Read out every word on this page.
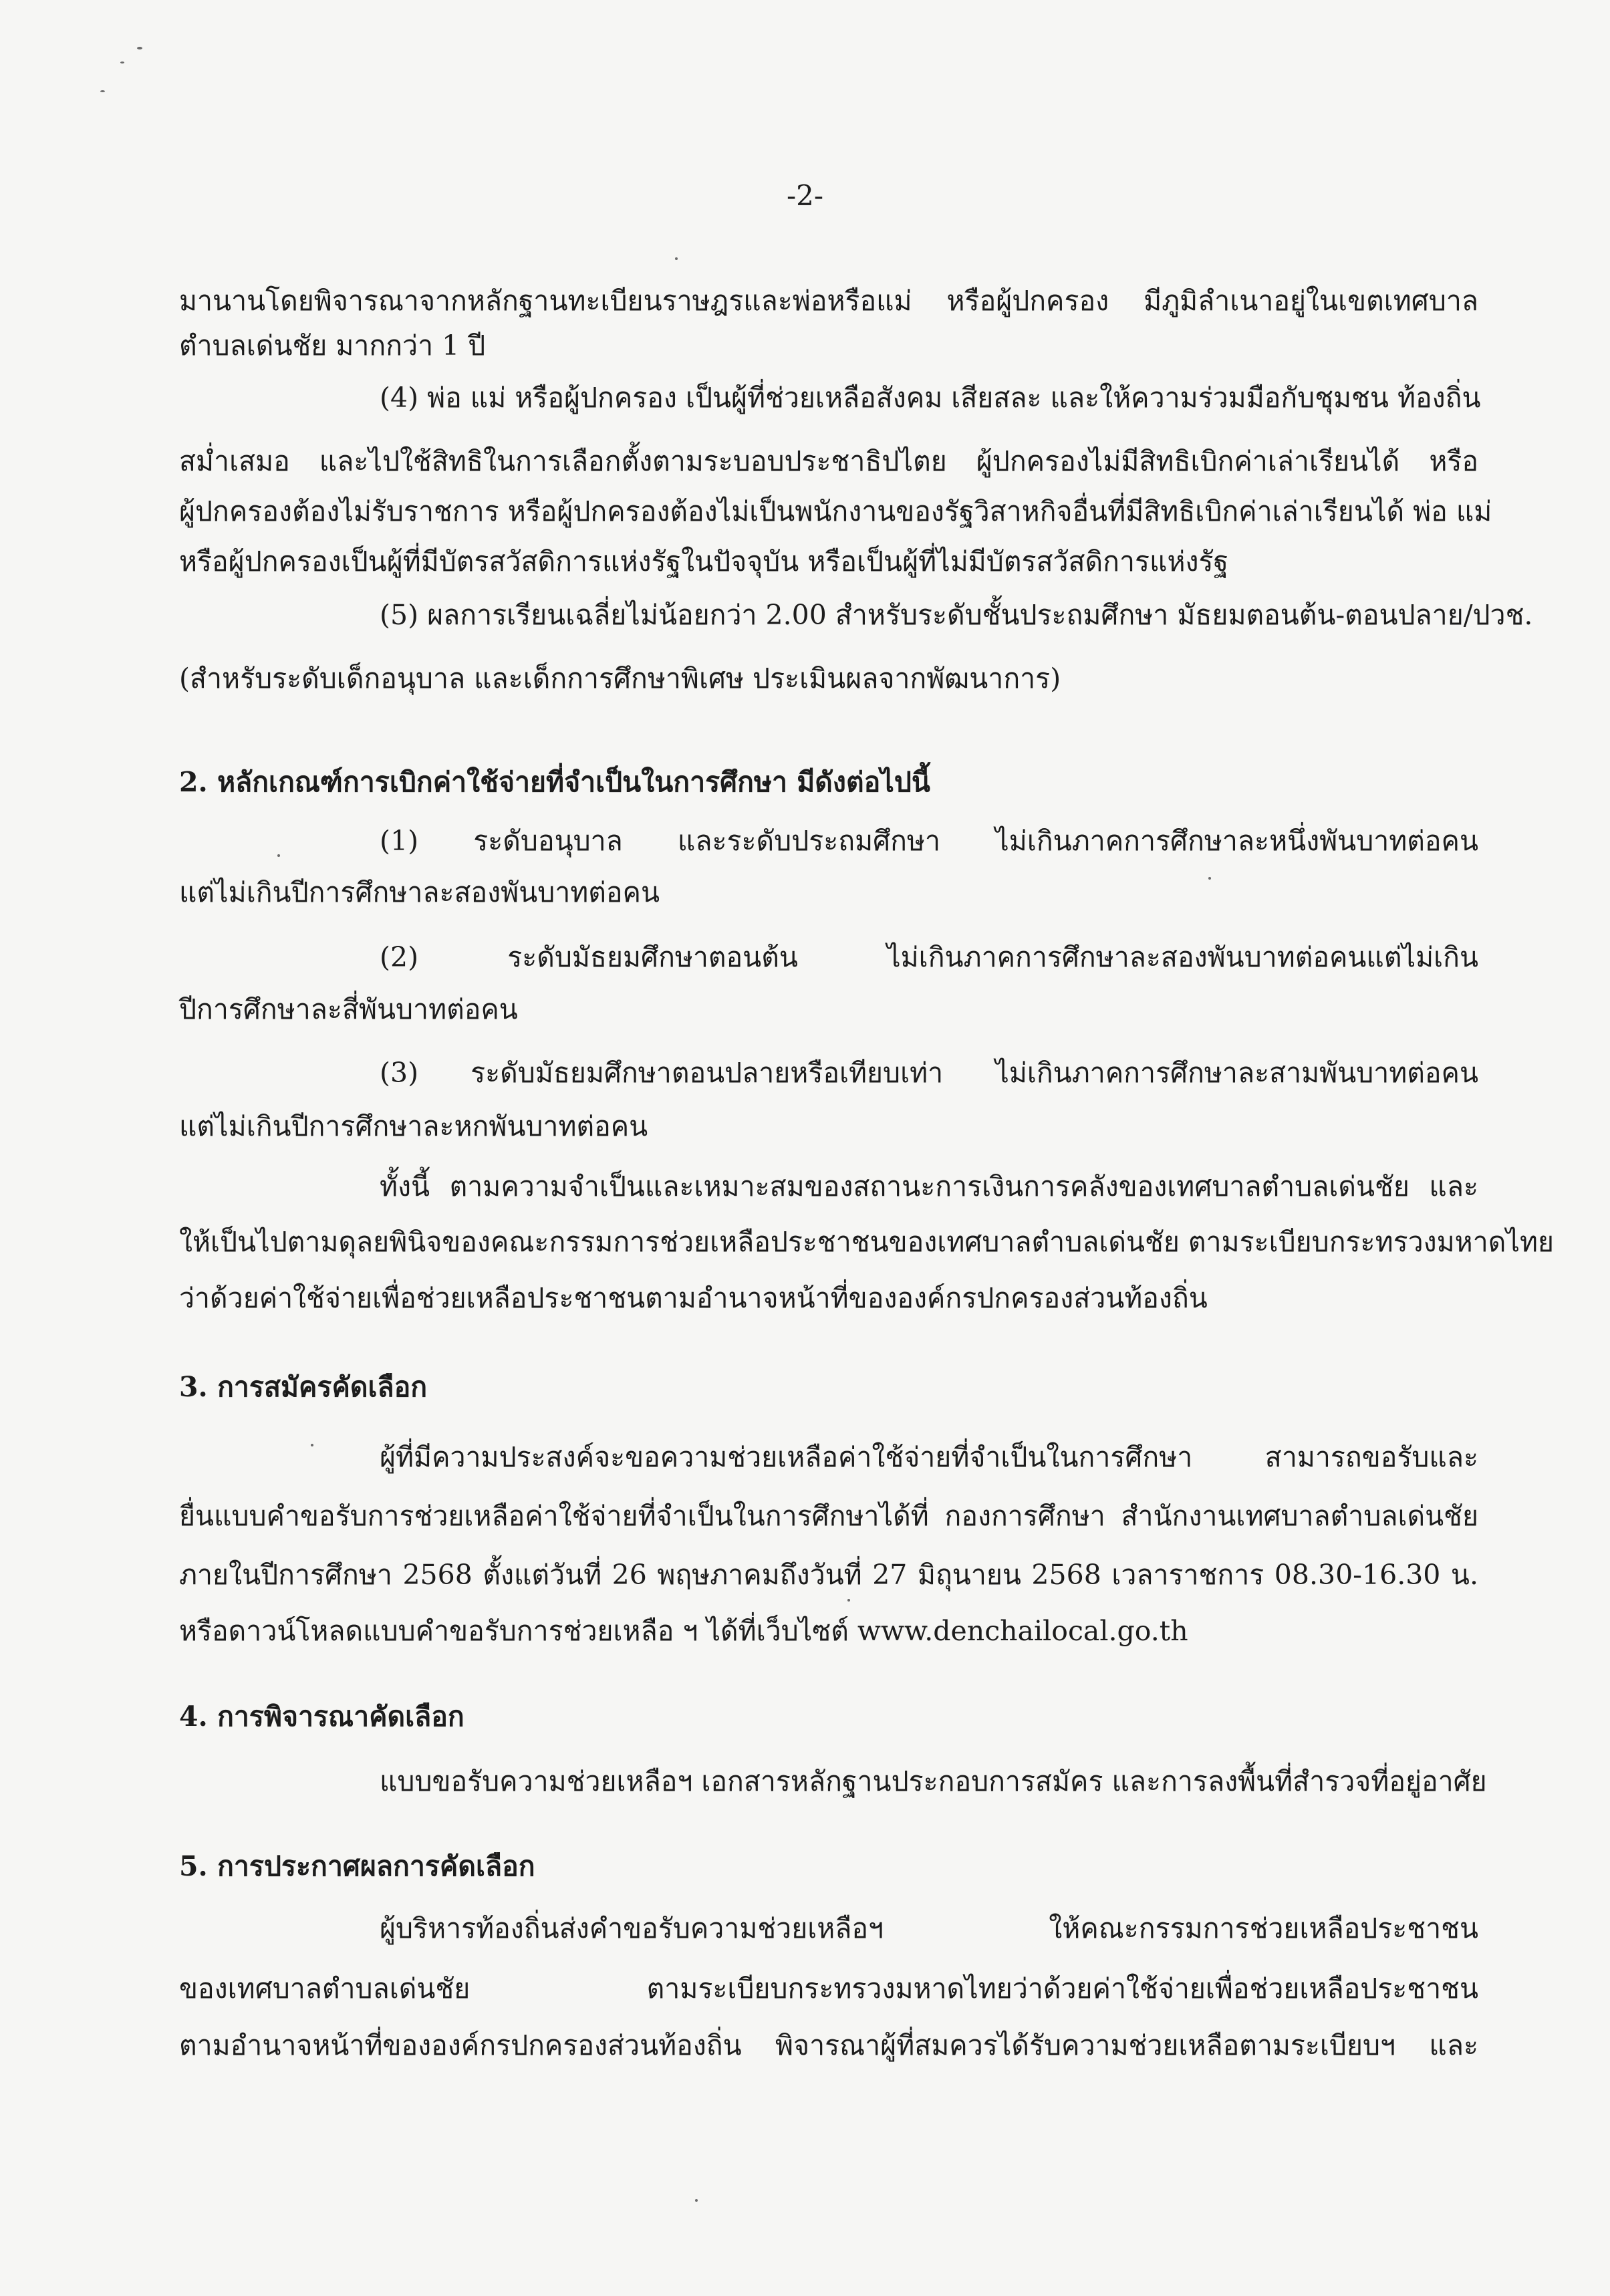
-2-
มานานโดยพิจารณาจากหลักฐานทะเบียนราษฎรและพ่อหรือแม่ หรือผู้ปกครอง มีภูมิลำเนาอยู่ในเขตเทศบาล
ตำบลเด่นชัย มากกว่า 1 ปี
(4) พ่อ แม่ หรือผู้ปกครอง เป็นผู้ที่ช่วยเหลือสังคม เสียสละ และให้ความร่วมมือกับชุมชน ท้องถิ่น
สม่ำเสมอ และไปใช้สิทธิในการเลือกตั้งตามระบอบประชาธิปไตย ผู้ปกครองไม่มีสิทธิเบิกค่าเล่าเรียนได้ หรือ
ผู้ปกครองต้องไม่รับราชการ หรือผู้ปกครองต้องไม่เป็นพนักงานของรัฐวิสาหกิจอื่นที่มีสิทธิเบิกค่าเล่าเรียนได้ พ่อ แม่
หรือผู้ปกครองเป็นผู้ที่มีบัตรสวัสดิการแห่งรัฐในปัจจุบัน หรือเป็นผู้ที่ไม่มีบัตรสวัสดิการแห่งรัฐ
(5) ผลการเรียนเฉลี่ยไม่น้อยกว่า 2.00 สำหรับระดับชั้นประถมศึกษา มัธยมตอนต้น-ตอนปลาย/ปวช.
(สำหรับระดับเด็กอนุบาล และเด็กการศึกษาพิเศษ ประเมินผลจากพัฒนาการ)
2. หลักเกณฑ์การเบิกค่าใช้จ่ายที่จำเป็นในการศึกษา มีดังต่อไปนี้
(1) ระดับอนุบาล และระดับประถมศึกษา ไม่เกินภาคการศึกษาละหนึ่งพันบาทต่อคน
แต่ไม่เกินปีการศึกษาละสองพันบาทต่อคน
(2) ระดับมัธยมศึกษาตอนต้น ไม่เกินภาคการศึกษาละสองพันบาทต่อคนแต่ไม่เกิน
ปีการศึกษาละสี่พันบาทต่อคน
(3) ระดับมัธยมศึกษาตอนปลายหรือเทียบเท่า ไม่เกินภาคการศึกษาละสามพันบาทต่อคน
แต่ไม่เกินปีการศึกษาละหกพันบาทต่อคน
ทั้งนี้ ตามความจำเป็นและเหมาะสมของสถานะการเงินการคลังของเทศบาลตำบลเด่นชัย และ
ให้เป็นไปตามดุลยพินิจของคณะกรรมการช่วยเหลือประชาชนของเทศบาลตำบลเด่นชัย ตามระเบียบกระทรวงมหาดไทย
ว่าด้วยค่าใช้จ่ายเพื่อช่วยเหลือประชาชนตามอำนาจหน้าที่ขององค์กรปกครองส่วนท้องถิ่น
3. การสมัครคัดเลือก
ผู้ที่มีความประสงค์จะขอความช่วยเหลือค่าใช้จ่ายที่จำเป็นในการศึกษา สามารถขอรับและ
ยื่นแบบคำขอรับการช่วยเหลือค่าใช้จ่ายที่จำเป็นในการศึกษาได้ที่ กองการศึกษา สำนักงานเทศบาลตำบลเด่นชัย
ภายในปีการศึกษา 2568 ตั้งแต่วันที่ 26 พฤษภาคมถึงวันที่ 27 มิถุนายน 2568 เวลาราชการ 08.30-16.30 น.
หรือดาวน์โหลดแบบคำขอรับการช่วยเหลือ ฯ ได้ที่เว็บไซต์ www.denchailocal.go.th
4. การพิจารณาคัดเลือก
แบบขอรับความช่วยเหลือฯ เอกสารหลักฐานประกอบการสมัคร และการลงพื้นที่สำรวจที่อยู่อาศัย
5. การประกาศผลการคัดเลือก
ผู้บริหารท้องถิ่นส่งคำขอรับความช่วยเหลือฯ ให้คณะกรรมการช่วยเหลือประชาชน
ของเทศบาลตำบลเด่นชัย ตามระเบียบกระทรวงมหาดไทยว่าด้วยค่าใช้จ่ายเพื่อช่วยเหลือประชาชน
ตามอำนาจหน้าที่ขององค์กรปกครองส่วนท้องถิ่น พิจารณาผู้ที่สมควรได้รับความช่วยเหลือตามระเบียบฯ และ
